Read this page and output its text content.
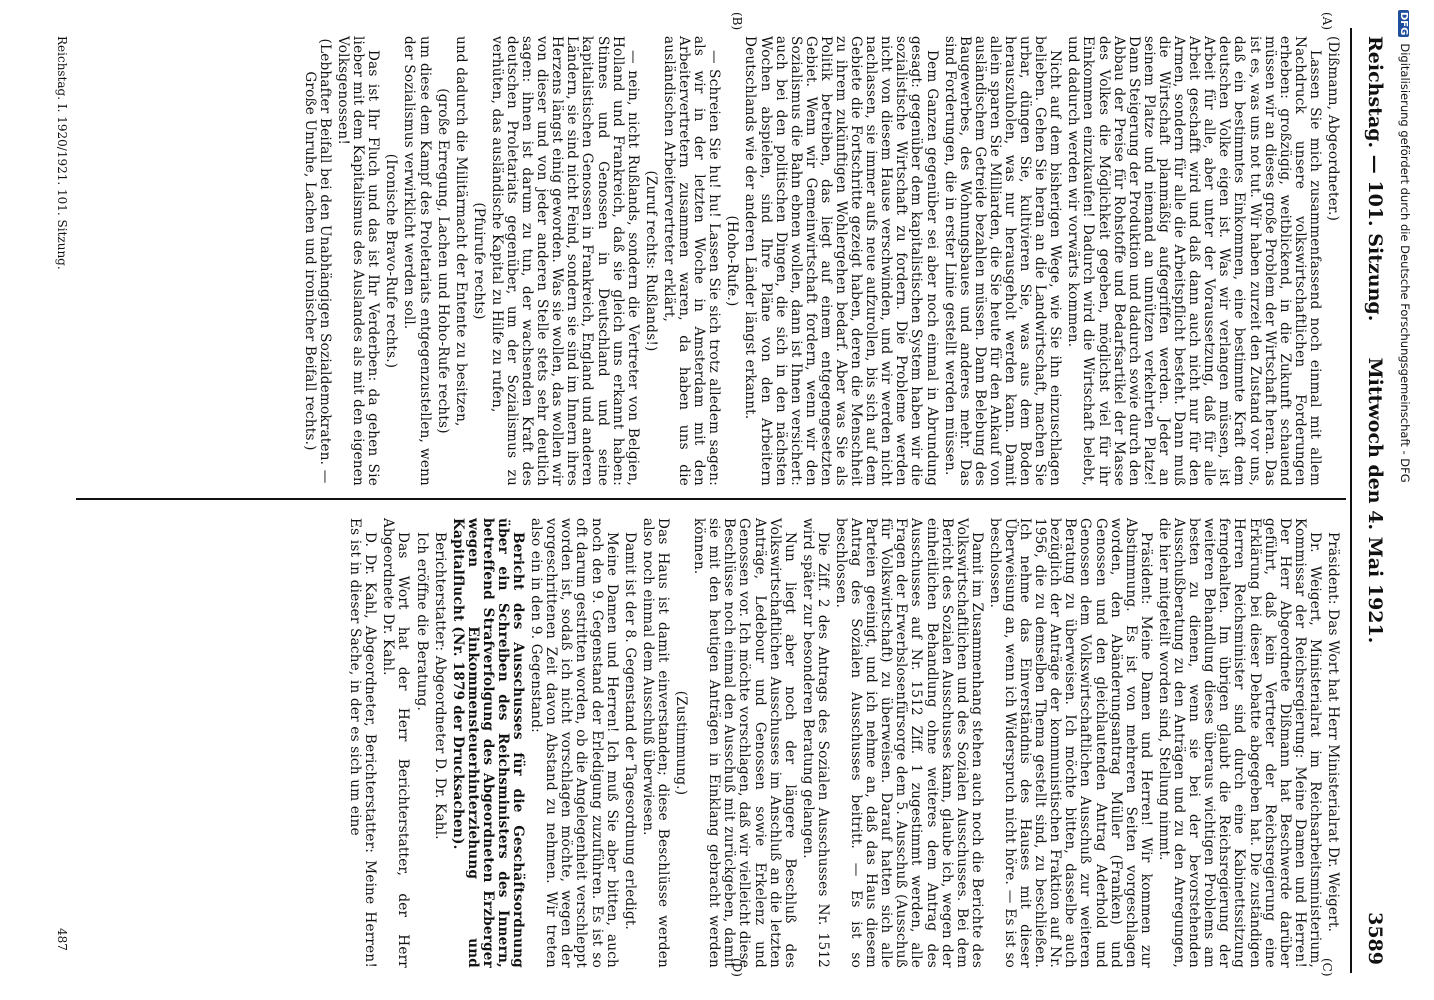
Reichstag. — 101. Sitzung.
Mittwoch den 4. Mai 1921.
3589
(A)
(B)
(C)
(D)

(Dißmann, Abgeordneter.)

Lassen Sie mich zusammenfassend noch einmal mit allem Nachdruck unsere volkswirtschaftlichen Forderungen erheben: großzügig, weitblickend, in die Zukunft schauend müssen wir an dieses große Problem der Wirtschaft heran. Das ist es, was uns not tut. Wir haben zurzeit den Zustand vor uns, daß ein bestimmtes Einkommen, eine bestimmte Kraft dem deutschen Volke eigen ist. Was wir verlangen müssen, ist Arbeit für alle, aber unter der Voraussetzung, daß für alle Arbeit geschafft wird und daß dann auch nicht nur für den Armen, sondern für alle die Arbeitspflicht besteht. Dann muß die Wirtschaft planmäßig aufgegriffen werden. Jeder an seinem Platze und niemand an unnützen verkehrten Platze! Dann Steigerung der Produktion und dadurch sowie durch den Abbau der Preise für Rohstoffe und Bedarfsartikel der Masse des Volkes die Möglichkeit gegeben, möglichst viel für ihr Einkommen einzukaufen! Dadurch wird die Wirtschaft belebt, und dadurch werden wir vorwärts kommen.

Nicht auf dem bisherigen Wege, wie Sie ihn einzuschlagen belieben. Gehen Sie heran an die Landwirtschaft, machen Sie urbar, düngen Sie, kultivieren Sie, was aus dem Boden herauszuholen, was nur herausgeholt werden kann. Damit allein sparen Sie Milliarden, die Sie heute für den Ankauf von ausländischem Getreide bezahlen müssen. Dann Belebung des Baugewerbes, des Wohnungsbaues und anderes mehr. Das sind Forderungen, die in erster Linie gestellt werden müssen.

Dem Ganzen gegenüber sei aber noch einmal in Abrundung gesagt: gegenüber dem kapitalistischen System haben wir die sozialistische Wirtschaft zu fordern. Die Probleme werden nicht von diesem Hause verschwinden, und wir werden nicht nachlassen, sie immer aufs neue aufzurollen, bis sich auf dem Gebiete die Fortschritte gezeigt haben, deren die Menschheit zu ihrem zukünftigen Wohlergehen bedarf. Aber was Sie als Politik betreiben, das liegt auf einem entgegengesetzten Gebiet. Wenn wir Gemeinwirtschaft fordern, wenn wir den Sozialismus die Bahn ebnen wollen, dann ist Ihnen versichert: auch bei den politischen Dingen, die sich in den nächsten Wochen abspielen, sind Ihre Pläne von den Arbeitern Deutschlands wie der anderen Länder längst erkannt.

(Hoho-Rufe.)

— Schreien Sie hu! hu! Lassen Sie sich trotz alledem sagen: als wir in der letzten Woche in Amsterdam mit den Arbeitervertretern zusammen waren, da haben uns die ausländischen Arbeitervertreter erklärt,

(Zuruf rechts: Rußlands!)

— nein, nicht Rußlands, sondern die Vertreter von Belgien, Holland und Frankreich, daß sie gleich uns erkannt haben: Stinnes und Genossen in Deutschland und seine kapitalistischen Genossen in Frankreich, England und anderen Ländern, sie sind nicht Feind, sondern sie sind im Innern ihres Herzens längst einig geworden. Was sie wollen, das wollen wir von dieser und von jeder anderen Stelle stets sehr deutlich sagen: ihnen ist darum zu tun, der wachsenden Kraft des deutschen Proletariats gegenüber, um der Sozialismus zu verhüten, das ausländische Kapital zu Hilfe zu rufen,

(Pfuirufe rechts)

und dadurch die Militärmacht der Entente zu besitzen,

(große Erregung, Lachen und Hoho-Rufe rechts)

um diese dem Kampf des Proletariats entgegenzustellen, wenn der Sozialismus verwirklicht werden soll.

(Ironische Bravo-Rufe rechts.)

Das ist Ihr Fluch und das ist Ihr Verderben: da gehen Sie lieber mit dem Kapitalismus des Auslandes als mit den eigenen Volksgenossen!

(Lebhafter Beifall bei den Unabhängigen Sozialdemokraten. — Große Unruhe, Lachen und ironischer Beifall rechts.)

Präsident: Das Wort hat Herr Ministerialrat Dr. Weigert.

Dr. Weigert, Ministerialrat im Reichsarbeitsministerium, Kommissar der Reichsregierung: Meine Damen und Herren! Der Herr Abgeordnete Dißmann hat Beschwerde darüber geführt, daß kein Vertreter der Reichsregierung eine Erklärung bei dieser Debatte abgegeben hat. Die zuständigen Herren Reichsminister sind durch eine Kabinettssitzung ferngehalten. Im übrigen glaubt die Reichsregierung der weiteren Behandlung dieses überaus wichtigen Problems am besten zu dienen, wenn sie bei der bevorstehenden Ausschußberatung zu den Anträgen und zu den Anregungen, die hier mitgeteilt worden sind, Stellung nimmt.

Präsident: Meine Damen und Herren! Wir kommen zur Abstimmung. Es ist von mehreren Seiten vorgeschlagen worden, den Abänderungsantrag Müller (Franken) und Genossen und den gleichlautenden Antrag Aderhold und Genossen dem Volkswirtschaftlichen Ausschuß zur weiteren Beratung zu überweisen. Ich möchte bitten, dasselbe auch bezüglich der Anträge der kommunistischen Fraktion auf Nr. 1956, die zu demselben Thema gestellt sind, zu beschließen. Ich nehme das Einverständnis des Hauses mit dieser Überweisung an, wenn ich Widerspruch nicht höre. — Es ist so beschlossen.

Damit im Zusammenhang stehen auch noch die Berichte des Volkswirtschaftlichen und des Sozialen Ausschusses. Bei dem Bericht des Sozialen Ausschusses kann, glaube ich, wegen der einheitlichen Behandlung ohne weiteres dem Antrag des Ausschusses auf Nr. 1512 Ziff. 1 zugestimmt werden, alle Fragen der Erwerbslosenfürsorge dem 5. Ausschuß (Ausschuß für Volkswirtschaft) zu überweisen. Darauf hatten sich alle Parteien geeinigt, und ich nehme an, daß das Haus diesem Antrag des Sozialen Ausschusses beitritt. — Es ist so beschlossen.

Die Ziff. 2 des Antrags des Sozialen Ausschusses Nr. 1512 wird später zur besonderen Beratung gelangen.

Nun liegt aber noch der längere Beschluß des Volkswirtschaftlichen Ausschusses im Anschluß an die letzten Anträge, Ledebour und Genossen sowie Erkelenz und Genossen vor. Ich möchte vorschlagen, daß wir vielleicht diese Beschlüsse noch einmal den Ausschuß mit zurückgeben, damit sie mit den heutigen Anträgen in Einklang gebracht werden können.

(Zustimmung.)

Das Haus ist damit einverstanden; diese Beschlüsse werden also noch einmal dem Ausschuß überwiesen.

Damit ist der 8. Gegenstand der Tagesordnung erledigt.

Meine Damen und Herren! Ich muß Sie aber bitten, auch noch den 9. Gegenstand der Erledigung zuzuführen. Es ist so oft darum gestritten worden, ob die Angelegenheit verschleppt worden ist, sodaß ich nicht vorschlagen möchte, wegen der vorgeschrittenen Zeit davon Abstand zu nehmen. Wir treten also ein in den 9. Gegenstand:

Bericht des Ausschusses für die Geschäftsordnung über ein Schreiben des Reichsministers des Innern, betreffend Strafverfolgung des Abgeordneten Erzberger wegen Einkommensteuerhinterziehung und Kapitalflucht (Nr. 1879 der Drucksachen).

Berichterstatter: Abgeordneter D. Dr. Kahl.

Ich eröffne die Beratung.

Das Wort hat der Herr Berichterstatter, der Herr Abgeordnete Dr. Kahl.

D. Dr. Kahl, Abgeordneter, Berichterstatter: Meine Herren! Es ist in dieser Sache, in der es sich um eine

Reichstag. I. 1920/1921. 101. Sitzung.
487
DFGDigitalisierung gefördert durch die Deutsche Forschungsgemeinschaft - DFG
